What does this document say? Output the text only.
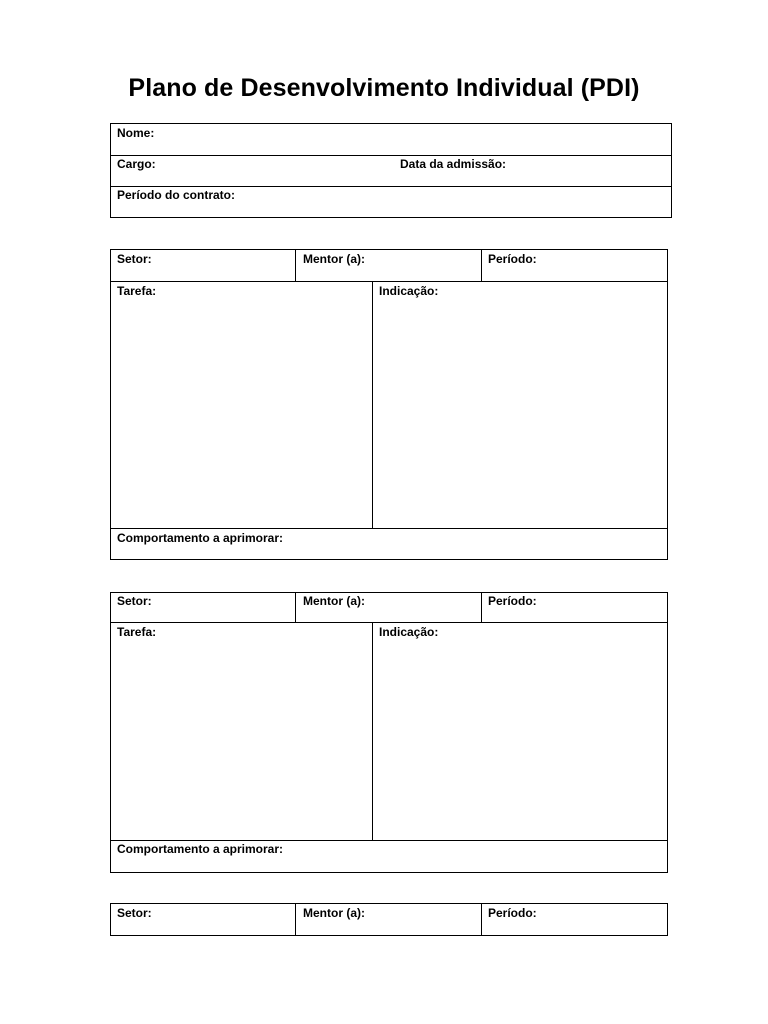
Plano de Desenvolvimento Individual (PDI)
Nome:
Cargo:	Data da admissão:
Período do contrato:
Setor:	Mentor (a):	Período:
Tarefa:	Indicação:
Comportamento a aprimorar:
Setor:	Mentor (a):	Período:
Tarefa:	Indicação:
Comportamento a aprimorar:
Setor:	Mentor (a):	Período:
